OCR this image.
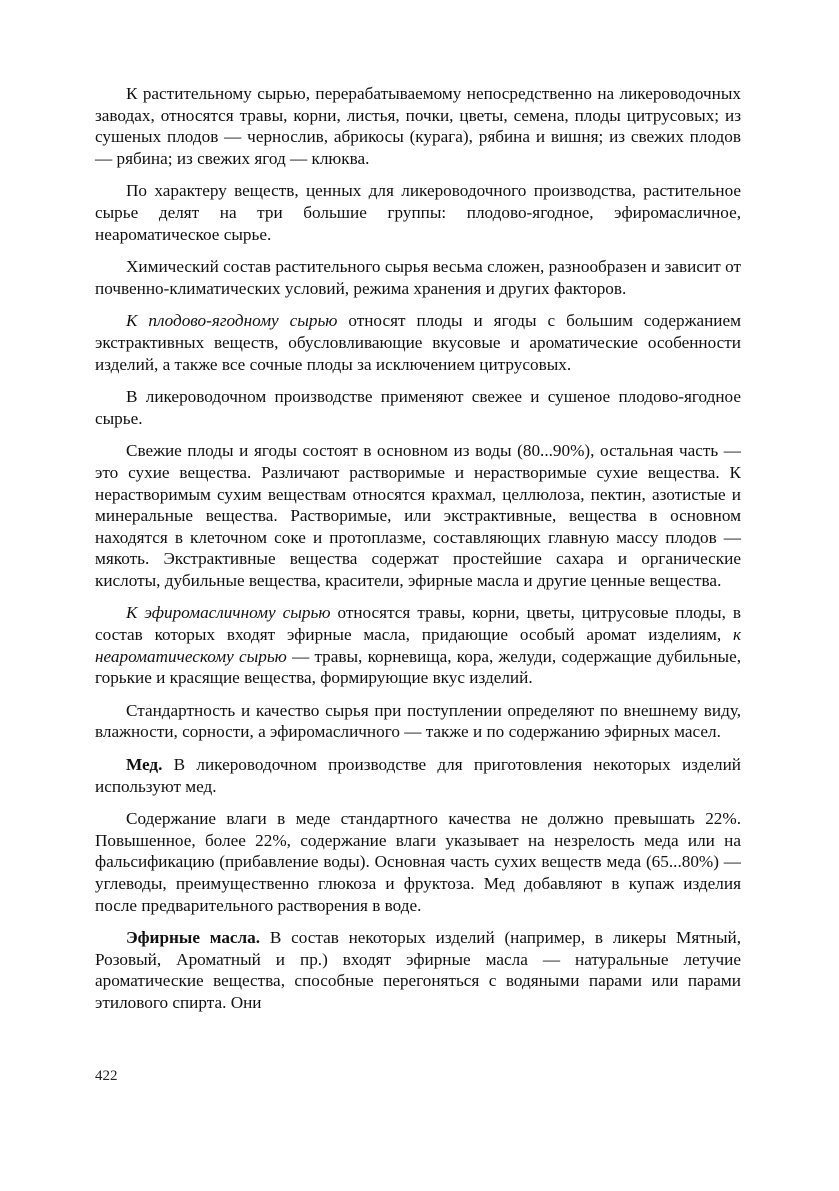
К растительному сырью, перерабатываемому непосредственно на ликероводочных заводах, относятся травы, корни, листья, почки, цветы, семена, плоды цитрусовых; из сушеных плодов — чернослив, абрикосы (курага), рябина и вишня; из свежих плодов — рябина; из свежих ягод — клюква.

По характеру веществ, ценных для ликероводочного производства, растительное сырье делят на три большие группы: плодово-ягодное, эфиромасличное, неароматическое сырье.

Химический состав растительного сырья весьма сложен, разнообразен и зависит от почвенно-климатических условий, режима хранения и других факторов.

К плодово-ягодному сырью относят плоды и ягоды с большим содержанием экстрактивных веществ, обусловливающие вкусовые и ароматические особенности изделий, а также все сочные плоды за исключением цитрусовых.

В ликероводочном производстве применяют свежее и сушеное плодово-ягодное сырье.

Свежие плоды и ягоды состоят в основном из воды (80...90%), остальная часть — это сухие вещества. Различают растворимые и нерастворимые сухие вещества. К нерастворимым сухим веществам относятся крахмал, целлюлоза, пектин, азотистые и минеральные вещества. Растворимые, или экстрактивные, вещества в основном находятся в клеточном соке и протоплазме, составляющих главную массу плодов — мякоть. Экстрактивные вещества содержат простейшие сахара и органические кислоты, дубильные вещества, красители, эфирные масла и другие ценные вещества.

К эфиромасличному сырью относятся травы, корни, цветы, цитрусовые плоды, в состав которых входят эфирные масла, придающие особый аромат изделиям, к неароматическому сырью — травы, корневища, кора, желуди, содержащие дубильные, горькие и красящие вещества, формирующие вкус изделий.

Стандартность и качество сырья при поступлении определяют по внешнему виду, влажности, сорности, а эфиромасличного — также и по содержанию эфирных масел.

Мед. В ликероводочном производстве для приготовления некоторых изделий используют мед.

Содержание влаги в меде стандартного качества не должно превышать 22%. Повышенное, более 22%, содержание влаги указывает на незрелость меда или на фальсификацию (прибавление воды). Основная часть сухих веществ меда (65...80%) — углеводы, преимущественно глюкоза и фруктоза. Мед добавляют в купаж изделия после предварительного растворения в воде.

Эфирные масла. В состав некоторых изделий (например, в ликеры Мятный, Розовый, Ароматный и пр.) входят эфирные масла — натуральные летучие ароматические вещества, способные перегоняться с водяными парами или парами этилового спирта. Они

422
